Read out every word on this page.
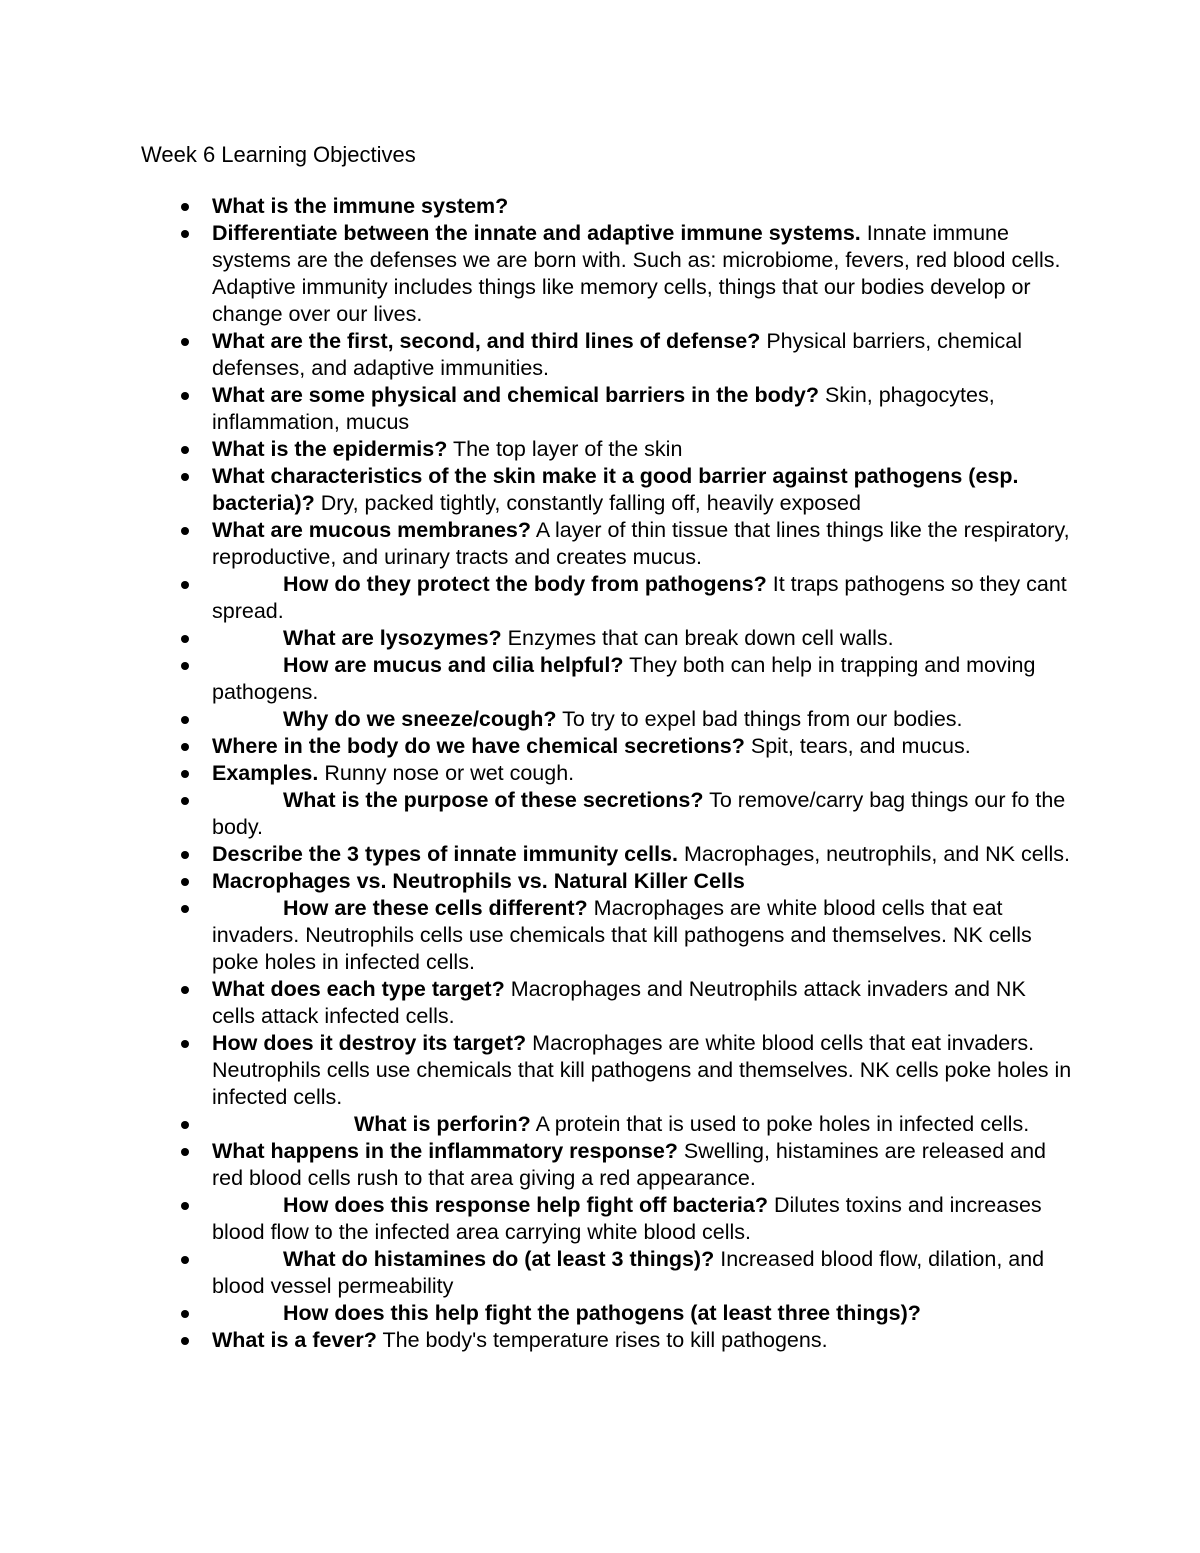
Week 6 Learning Objectives
What is the immune system?
Differentiate between the innate and adaptive immune systems. Innate immune systems are the defenses we are born with. Such as: microbiome, fevers, red blood cells. Adaptive immunity includes things like memory cells, things that our bodies develop or change over our lives.
What are the first, second, and third lines of defense? Physical barriers, chemical defenses, and adaptive immunities.
What are some physical and chemical barriers in the body? Skin, phagocytes, inflammation, mucus
What is the epidermis? The top layer of the skin
What characteristics of the skin make it a good barrier against pathogens (esp. bacteria)? Dry, packed tightly, constantly falling off, heavily exposed
What are mucous membranes? A layer of thin tissue that lines things like the respiratory, reproductive, and urinary tracts and creates mucus.
How do they protect the body from pathogens? It traps pathogens so they cant spread.
What are lysozymes? Enzymes that can break down cell walls.
How are mucus and cilia helpful? They both can help in trapping and moving pathogens.
Why do we sneeze/cough? To try to expel bad things from our bodies.
Where in the body do we have chemical secretions? Spit, tears, and mucus.
Examples. Runny nose or wet cough.
What is the purpose of these secretions? To remove/carry bag things our fo the body.
Describe the 3 types of innate immunity cells. Macrophages, neutrophils, and NK cells.
Macrophages vs. Neutrophils vs. Natural Killer Cells
How are these cells different? Macrophages are white blood cells that eat invaders. Neutrophils cells use chemicals that kill pathogens and themselves. NK cells poke holes in infected cells.
What does each type target? Macrophages and Neutrophils attack invaders and NK cells attack infected cells.
How does it destroy its target? Macrophages are white blood cells that eat invaders. Neutrophils cells use chemicals that kill pathogens and themselves. NK cells poke holes in infected cells.
What is perforin? A protein that is used to poke holes in infected cells.
What happens in the inflammatory response? Swelling, histamines are released and red blood cells rush to that area giving a red appearance.
How does this response help fight off bacteria? Dilutes toxins and increases blood flow to the infected area carrying white blood cells.
What do histamines do (at least 3 things)? Increased blood flow, dilation, and blood vessel permeability
How does this help fight the pathogens (at least three things)?
What is a fever? The body's temperature rises to kill pathogens.
